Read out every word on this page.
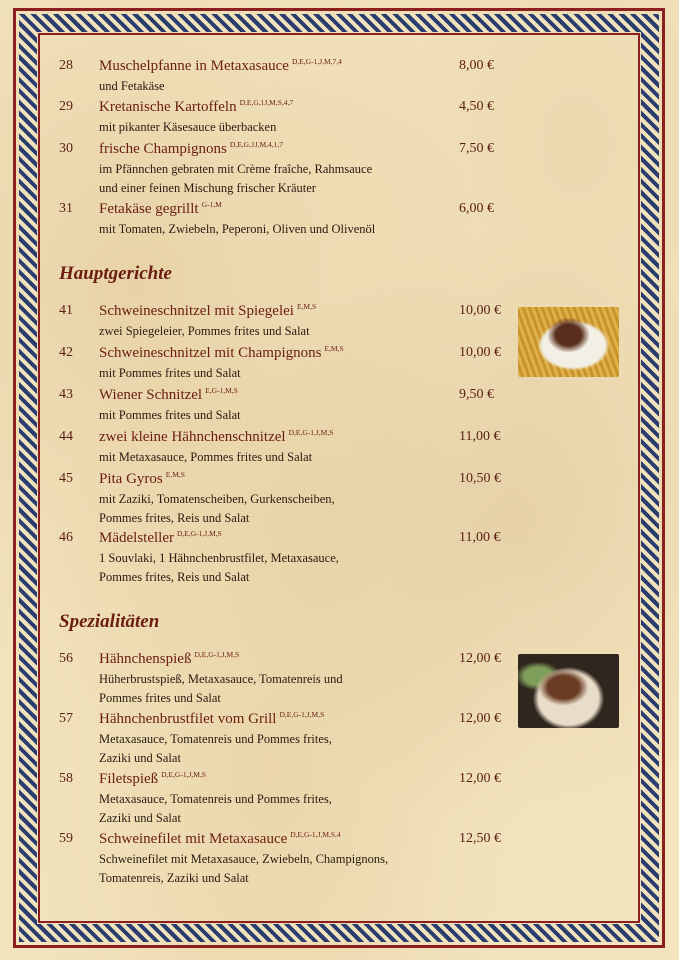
28 Muschelpfanne in Metaxasauce $^{D,E,G-1,J,M,7,4}$
und Fetakäse
8,00 €
29 Kretanische Kartoffeln $^{D,E,G,1J,M,S,4,7}$
mit pikanter Käsesauce überbacken
4,50 €
30 frische Champignons $^{D,E,G,1J,M,4,1,7}$
im Pfännchen gebraten mit Crème fraîche, Rahmsauce
und einer feinen Mischung frischer Kräuter
7,50 €
31 Fetakäse gegrillt $^{G-1,M}$
mit Tomaten, Zwiebeln, Peperoni, Oliven und Olivenöl
6,00 €
Hauptgerichte
41 Schweineschnitzel mit Spiegelei $^{E,M,S}$
zwei Spiegeleier, Pommes frites und Salat
10,00 €
42 Schweineschnitzel mit Champignons $^{E,M,S}$
mit Pommes frites und Salat
10,00 €
43 Wiener Schnitzel $^{E,G-1,M,S}$
mit Pommes frites und Salat
9,50 €
44 zwei kleine Hähnchenschnitzel $^{D,E,G-1,J,M,S}$
mit Metaxasauce, Pommes frites und Salat
11,00 €
45 Pita Gyros $^{E,M,S}$
mit Zaziki, Tomatenscheiben, Gurkenscheiben,
Pommes frites, Reis und Salat
10,50 €
46 Mädelsteller $^{D,E,G-1,J,M,S}$
1 Souvlaki, 1 Hähnchenbrustfilet, Metaxasauce,
Pommes frites, Reis und Salat
11,00 €
Spezialitäten
56 Hähnchenspieß $^{D,E,G-1,J,M,S}$
Hüherbrustspieß, Metaxasauce, Tomatenreis und
Pommes frites und Salat
12,00 €
57 Hähnchenbrustfilet vom Grill $^{D,E,G-1,J,M,S}$
Metaxasauce, Tomatenreis und Pommes frites,
Zaziki und Salat
12,00 €
58 Filetspieß $^{D,E,G-1,J,M,S}$
Metaxasauce, Tomatenreis und Pommes frites,
Zaziki und Salat
12,00 €
59 Schweinefilet mit Metaxasauce $^{D,E,G-1,J,M,S,4}$
Schweinefilet mit Metaxasauce, Zwiebeln, Champignons,
Tomatenreis, Zaziki und Salat
12,50 €
